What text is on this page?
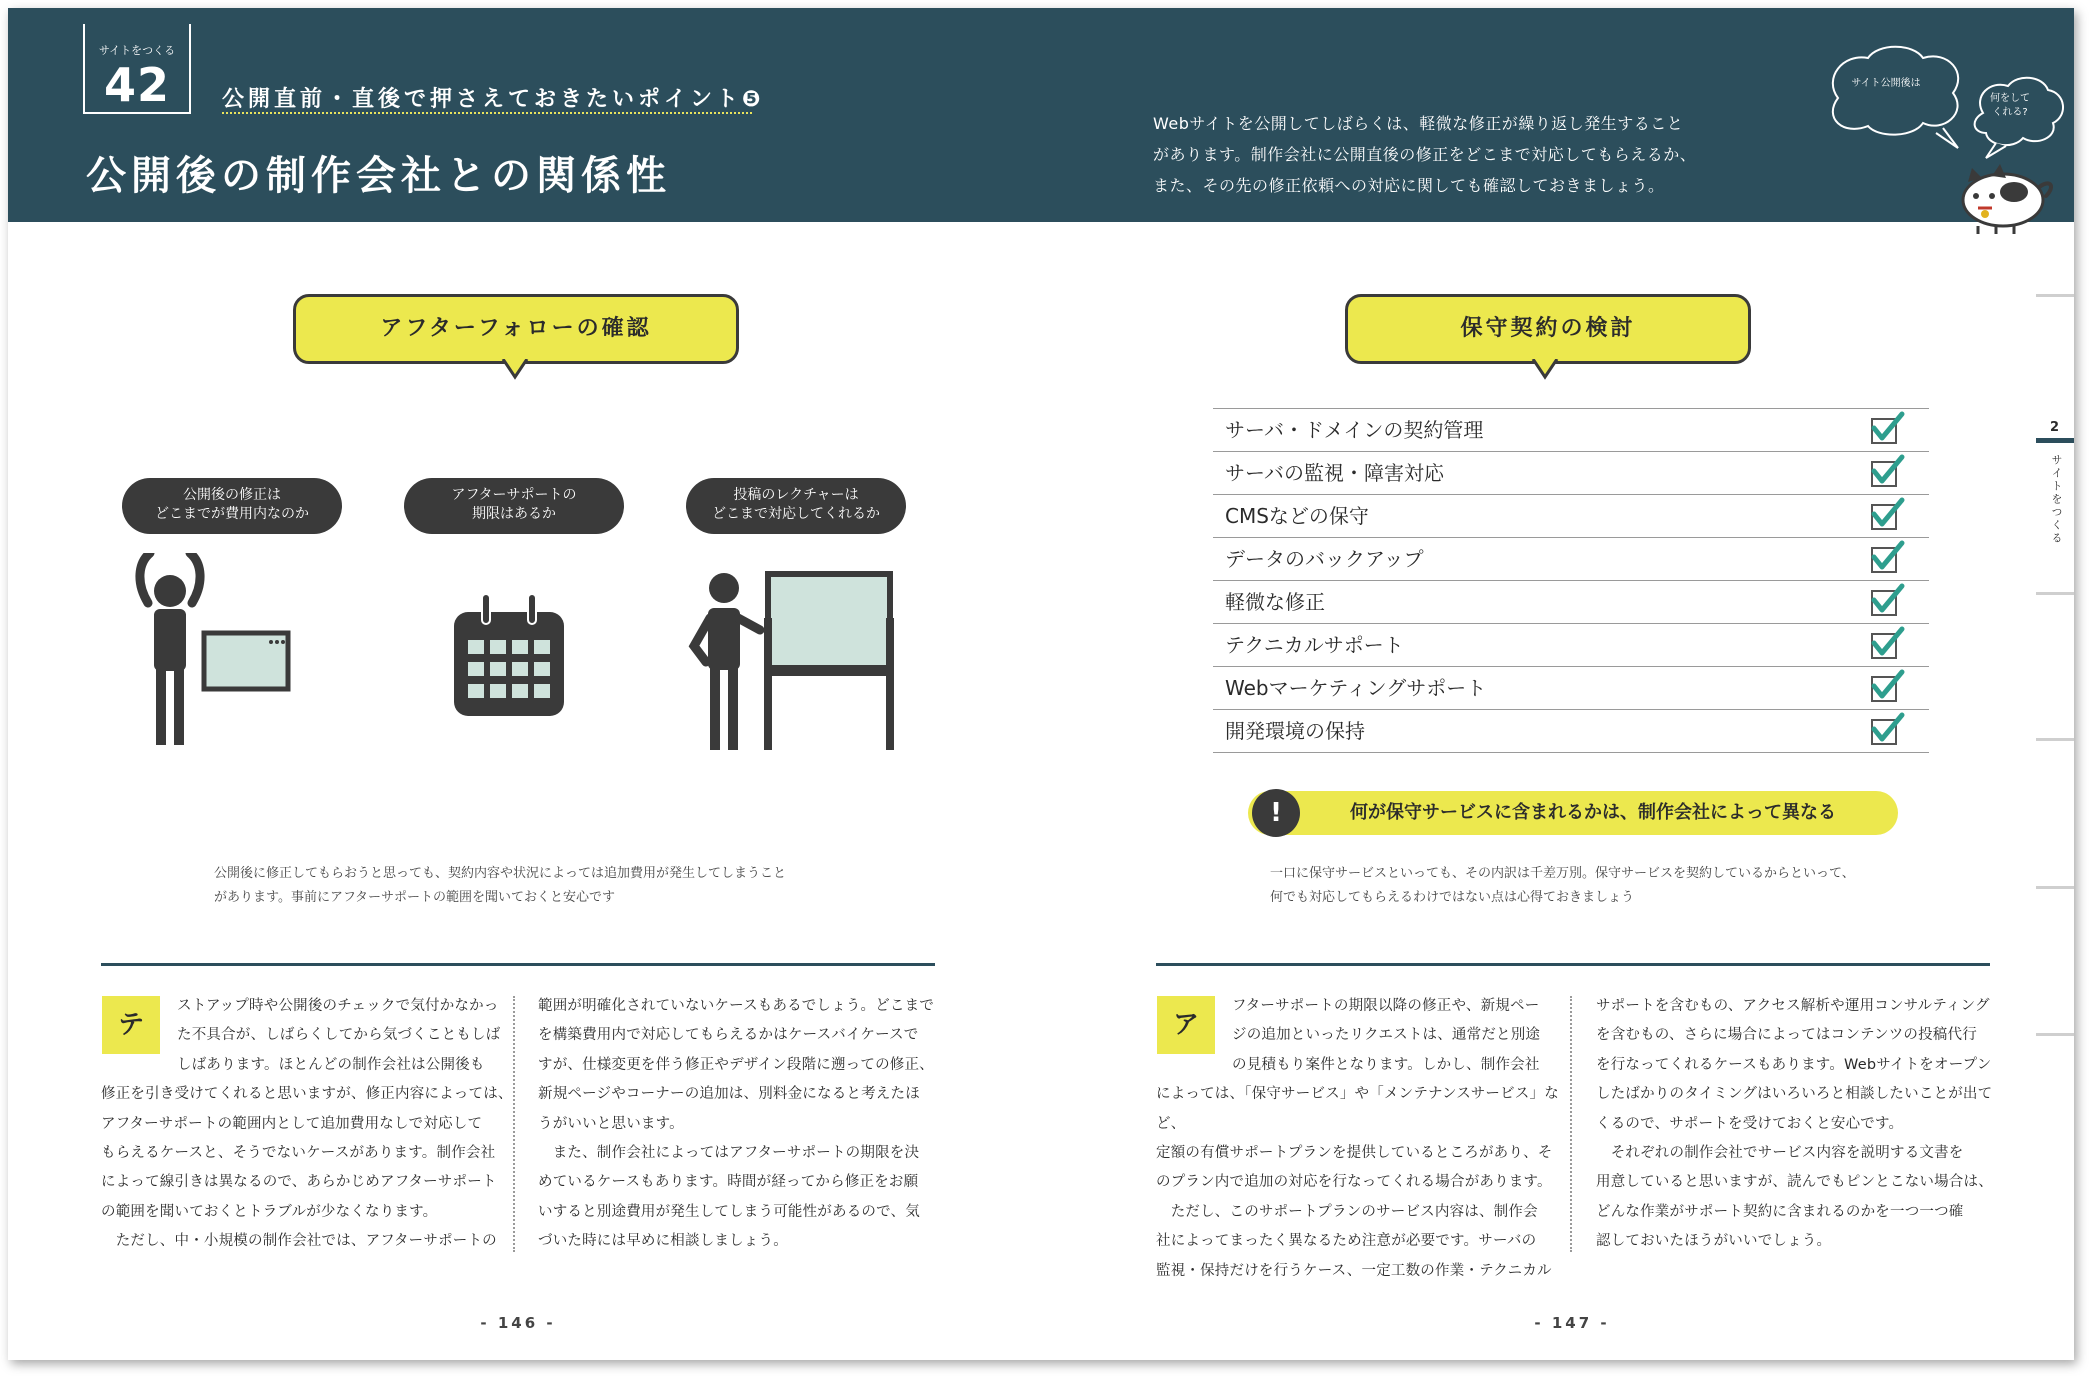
サイトをつくる
42	公開直前・直後で押さえておきたいポイント❺
公開後の制作会社との関係性
Webサイトを公開してしばらくは、軽微な修正が繰り返し発生すること
があります。制作会社に公開直後の修正をどこまで対応してもらえるか、
また、その先の修正依頼への対応に関しても確認しておきましょう。
サイト公開後は
何をして
くれる?
2
サイトをつくる
アフターフォローの確認
公開後の修正は
どこまでが費用内なのか
アフターサポートの
期限はあるか
投稿のレクチャーは
どこまで対応してくれるか
公開後に修正してもらおうと思っても、契約内容や状況によっては追加費用が発生してしまうこと
があります。事前にアフターサポートの範囲を聞いておくと安心です
テ
ストアップ時や公開後のチェックで気付かなかっ
た不具合が、しばらくしてから気づくこともしば
しばあります。ほとんどの制作会社は公開後も
修正を引き受けてくれると思いますが、修正内容によっては、
アフターサポートの範囲内として追加費用なしで対応して
もらえるケースと、そうでないケースがあります。制作会社
によって線引きは異なるので、あらかじめアフターサポート
の範囲を聞いておくとトラブルが少なくなります。
　ただし、中・小規模の制作会社では、アフターサポートの
範囲が明確化されていないケースもあるでしょう。どこまで
を構築費用内で対応してもらえるかはケースバイケースで
すが、仕様変更を伴う修正やデザイン段階に遡っての修正、
新規ページやコーナーの追加は、別料金になると考えたほ
うがいいと思います。
　また、制作会社によってはアフターサポートの期限を決
めているケースもあります。時間が経ってから修正をお願
いすると別途費用が発生してしまう可能性があるので、気
づいた時には早めに相談しましょう。
- 146 -
保守契約の検討
サーバ・ドメインの契約管理
サーバの監視・障害対応
CMSなどの保守
データのバックアップ
軽微な修正
テクニカルサポート
Webマーケティングサポート
開発環境の保持
何が保守サービスに含まれるかは、制作会社によって異なる
!
一口に保守サービスといっても、その内訳は千差万別。保守サービスを契約しているからといって、
何でも対応してもらえるわけではない点は心得ておきましょう
ア
フターサポートの期限以降の修正や、新規ペー
ジの追加といったリクエストは、通常だと別途
の見積もり案件となります。しかし、制作会社
によっては、「保守サービス」や「メンテナンスサービス」など、
定額の有償サポートプランを提供しているところがあり、そ
のプラン内で追加の対応を行なってくれる場合があります。
　ただし、このサポートプランのサービス内容は、制作会
社によってまったく異なるため注意が必要です。サーバの
監視・保持だけを行うケース、一定工数の作業・テクニカル
サポートを含むもの、アクセス解析や運用コンサルティング
を含むもの、さらに場合によってはコンテンツの投稿代行
を行なってくれるケースもあります。Webサイトをオープン
したばかりのタイミングはいろいろと相談したいことが出て
くるので、サポートを受けておくと安心です。
　それぞれの制作会社でサービス内容を説明する文書を
用意していると思いますが、読んでもピンとこない場合は、
どんな作業がサポート契約に含まれるのかを一つ一つ確
認しておいたほうがいいでしょう。
- 147 -
